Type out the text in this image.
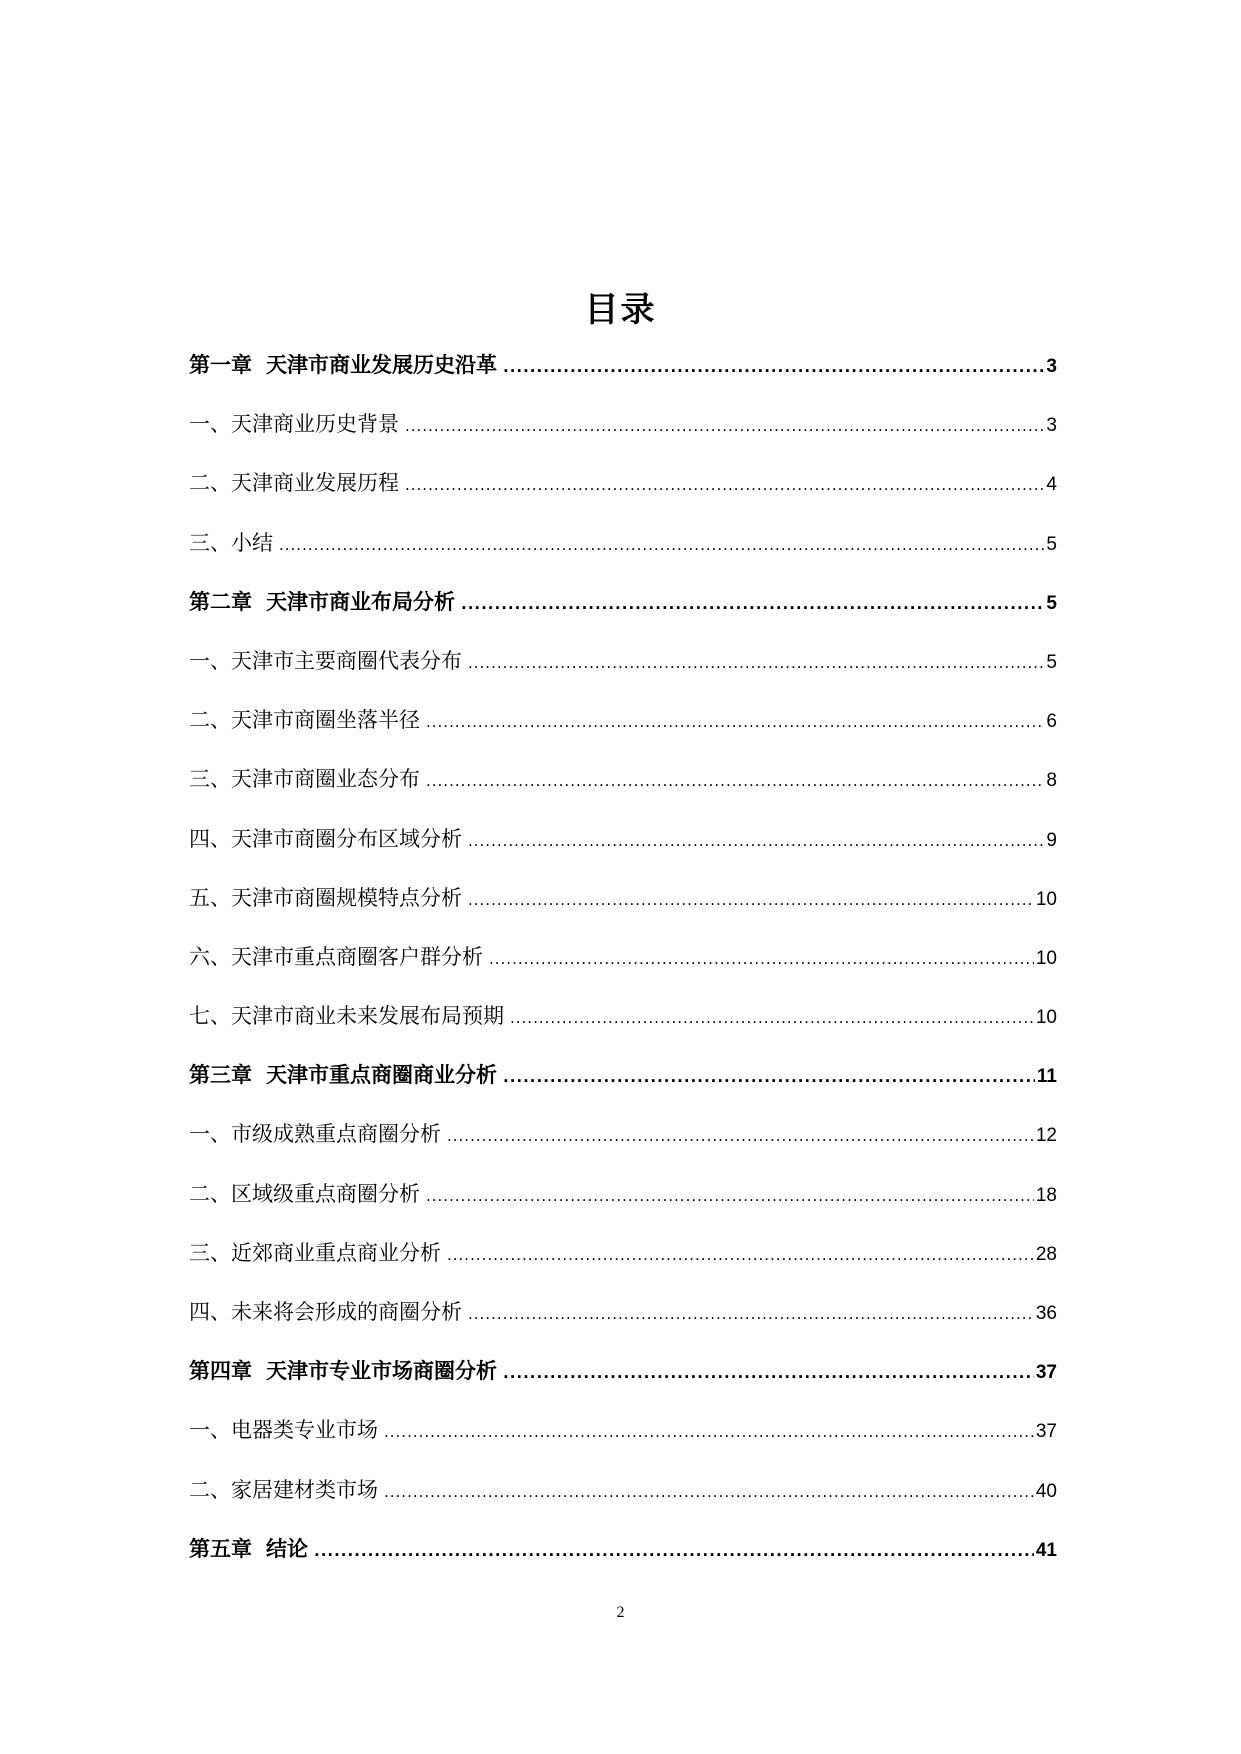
目录
第一章 天津市商业发展历史沿革 .....	3
一、天津商业历史背景 .....	3
二、天津商业发展历程 .....	4
三、小结 .....	5
第二章 天津市商业布局分析 .....	5
一、天津市主要商圈代表分布 .....	5
二、天津市商圈坐落半径 .....	6
三、天津市商圈业态分布 .....	8
四、天津市商圈分布区域分析 .....	9
五、天津市商圈规模特点分析 .....	10
六、天津市重点商圈客户群分析 .....	10
七、天津市商业未来发展布局预期 .....	10
第三章 天津市重点商圈商业分析 .....	11
一、市级成熟重点商圈分析 .....	12
二、区域级重点商圈分析 .....	18
三、近郊商业重点商业分析 .....	28
四、未来将会形成的商圈分析 .....	36
第四章 天津市专业市场商圈分析 .....	37
一、电器类专业市场 .....	37
二、家居建材类市场 .....	40
第五章 结论 .....	41
2
